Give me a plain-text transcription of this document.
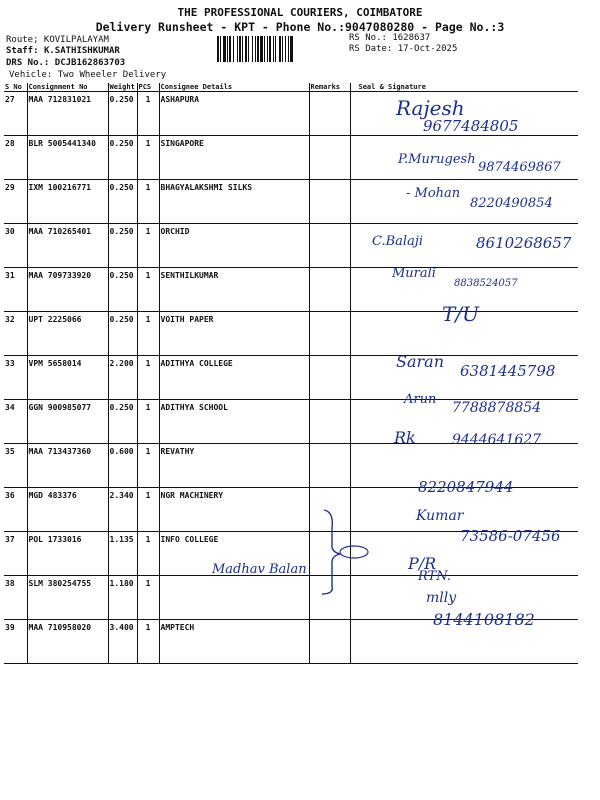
THE PROFESSIONAL COURIERS, COIMBATORE
Delivery Runsheet - KPT - Phone No.:9047080280 - Page No.:3
Route; KOVILPALAYAM
Staff: K.SATHISHKUMAR
DRS No.: DCJB162863703
Vehicle: Two Wheeler Delivery
RS No.: 1628637
RS Date: 17-Oct-2025
S No	Consignment No	Weight	PCS	Consignee Details	Remarks	Seal & Signature
27	MAA 712831021	0.250	1	ASHAPURA		
28	BLR 5005441340	0.250	1	SINGAPORE		
29	IXM 100216771	0.250	1	BHAGYALAKSHMI SILKS		
30	MAA 710265401	0.250	1	ORCHID		
31	MAA 709733920	0.250	1	SENTHILKUMAR		
32	UPT 2225066	0.250	1	VOITH PAPER		
33	VPM 5658014	2.200	1	ADITHYA COLLEGE		
34	GGN 900985077	0.250	1	ADITHYA SCHOOL		
35	MAA 713437360	0.600	1	REVATHY		
36	MGD 483376	2.340	1	NGR MACHINERY		
37	POL 1733016	1.135	1	INFO COLLEGE		
38	SLM 380254755	1.180	1			
39	MAA 710958020	3.400	1	AMPTECH		
Rajesh
9677484805
P.Murugesh
9874469867
- Mohan
8220490854
C.Balaji	8610268657
Murali
8838524057
T/U
Saran 6381445798
Arun
7788878854
Rk	9444641627
8220847944
Kumar
73586-07456
Madhav Balan	P/R
RTN.
mlly
8144108182
